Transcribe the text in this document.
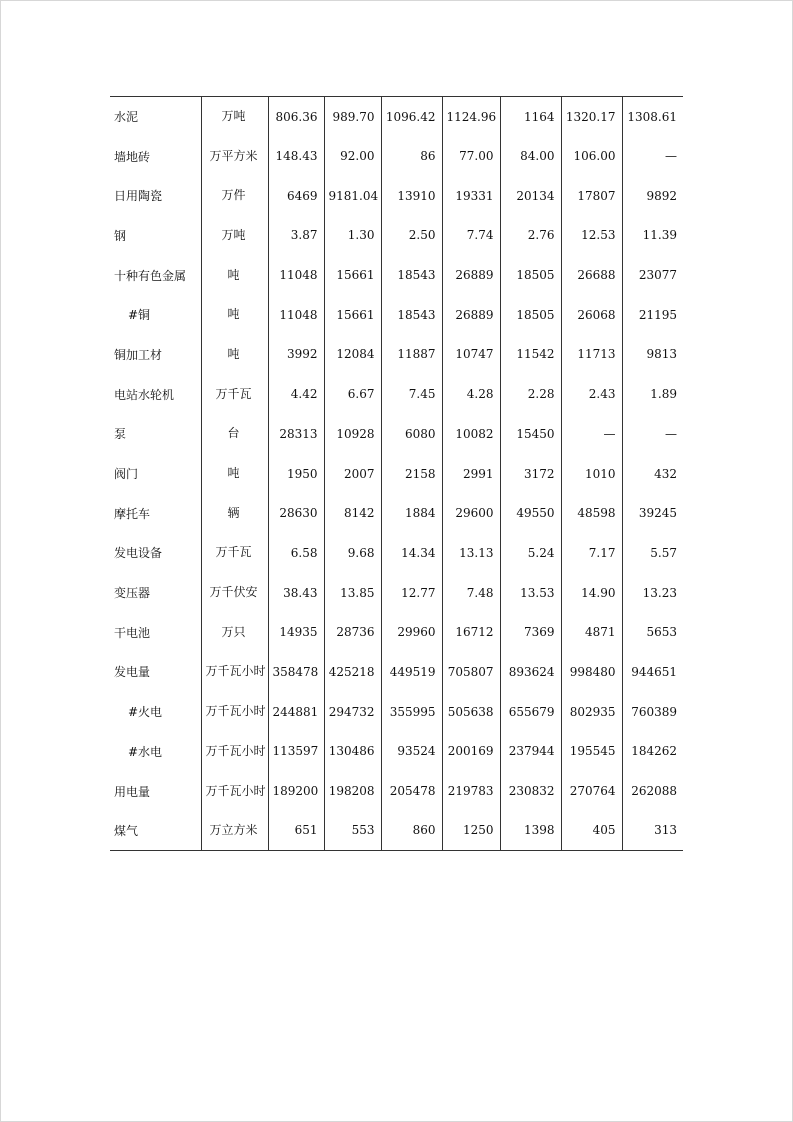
水泥	万吨	806.36	989.70	1096.42	1124.96	1164	1320.17	1308.61
墙地砖	万平方米	148.43	92.00	86	77.00	84.00	106.00	—
日用陶瓷	万件	6469	9181.04	13910	19331	20134	17807	9892
钢	万吨	3.87	1.30	2.50	7.74	2.76	12.53	11.39
十种有色金属	吨	11048	15661	18543	26889	18505	26688	23077
#铜	吨	11048	15661	18543	26889	18505	26068	21195
铜加工材	吨	3992	12084	11887	10747	11542	11713	9813
电站水轮机	万千瓦	4.42	6.67	7.45	4.28	2.28	2.43	1.89
泵	台	28313	10928	6080	10082	15450	—	—
阀门	吨	1950	2007	2158	2991	3172	1010	432
摩托车	辆	28630	8142	1884	29600	49550	48598	39245
发电设备	万千瓦	6.58	9.68	14.34	13.13	5.24	7.17	5.57
变压器	万千伏安	38.43	13.85	12.77	7.48	13.53	14.90	13.23
干电池	万只	14935	28736	29960	16712	7369	4871	5653
发电量	万千瓦小时	358478	425218	449519	705807	893624	998480	944651
#火电	万千瓦小时	244881	294732	355995	505638	655679	802935	760389
#水电	万千瓦小时	113597	130486	93524	200169	237944	195545	184262
用电量	万千瓦小时	189200	198208	205478	219783	230832	270764	262088
煤气	万立方米	651	553	860	1250	1398	405	313
